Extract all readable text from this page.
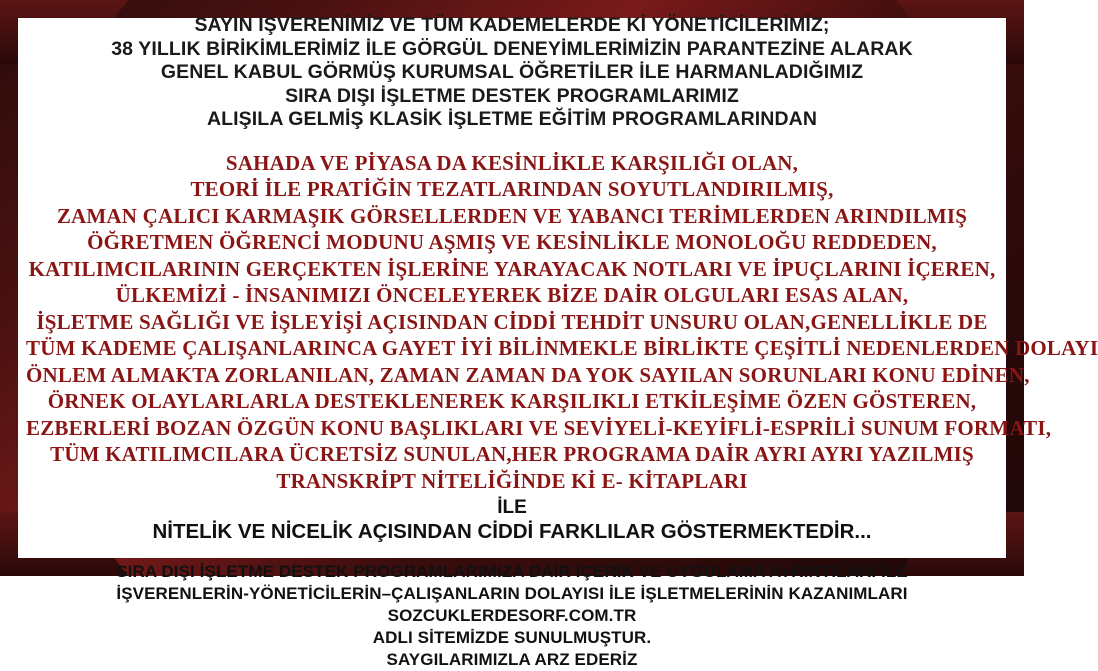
SAYIN İŞVERENİMİZ VE TÜM KADEMELERDE Kİ YÖNETİCİLERİMİZ;
38 YILLIK BİRİKİMLERİMİZ İLE GÖRGÜL DENEYİMLERİMİZİN PARANTEZİNE ALARAK
GENEL KABUL GÖRMÜŞ KURUMSAL ÖĞRETİLER İLE HARMANLADIĞIMIZ
SIRA DIŞI İŞLETME DESTEK PROGRAMLARIMIZ
ALIŞILA GELMİŞ KLASİK İŞLETME EĞİTİM PROGRAMLARINDAN
SAHADA VE PİYASA DA KESİNLİKLE KARŞILIĞI OLAN,
TEORİ İLE PRATİĞİN TEZATLARINDAN SOYUTLANDIRILMIŞ,
ZAMAN ÇALICI KARMAŞIK GÖRSELLERDEN VE YABANCI TERİMLERDEN ARINDILMIŞ
ÖĞRETMEN ÖĞRENCİ MODUNU AŞMIŞ VE KESİNLİKLE MONOLOĞU REDDEDEN,
KATILIMCILARININ GERÇEKTEN İŞLERİNE YARAYACAK NOTLARI VE İPUÇLARINI İÇEREN,
ÜLKEMİZİ - İNSANIMIZI ÖNCELEYEREK BİZE DAİR OLGULARI ESAS ALAN,
İŞLETME SAĞLIĞI VE İŞLEYİŞİ AÇISINDAN CİDDİ TEHDİT UNSURU OLAN,GENELLİKLE DE
TÜM KADEME ÇALIŞANLARINCA GAYET İYİ BİLİNMEKLE BİRLİKTE ÇEŞİTLİ NEDENLERDEN DOLAYI
ÖNLEM ALMAKTA ZORLANILAN, ZAMAN ZAMAN DA YOK SAYILAN SORUNLARI KONU EDİNEN,
ÖRNEK OLAYLARLARLA DESTEKLENEREK KARŞILIKLI ETKİLEŞİME ÖZEN GÖSTEREN,
EZBERLERİ BOZAN ÖZGÜN KONU BAŞLIKLARI VE SEVİYELİ-KEYİFLİ-ESPRİLİ SUNUM FORMATI,
TÜM KATILIMCILARA ÜCRETSİZ SUNULAN,HER PROGRAMA DAİR AYRI AYRI YAZILMIŞ
TRANSKRİPT NİTELİĞİNDE Kİ E- KİTAPLARI
İLE
NİTELİK VE NİCELİK AÇISINDAN CİDDİ FARKLILAR GÖSTERMEKTEDİR...
SIRA DIŞI İŞLETME DESTEK PROGRAMLARIMIZA DAİR İÇERİK VE UYGULAMA AYRINTILARI İLE
İŞVERENLERİN-YÖNETİCİLERİN–ÇALIŞANLARIN DOLAYISI İLE İŞLETMELERİNİN KAZANIMLARI
SOZCUKLERDESORF.COM.TR
ADLI SİTEMİZDE SUNULMUŞTUR.
SAYGILARIMIZLA ARZ EDERİZ
